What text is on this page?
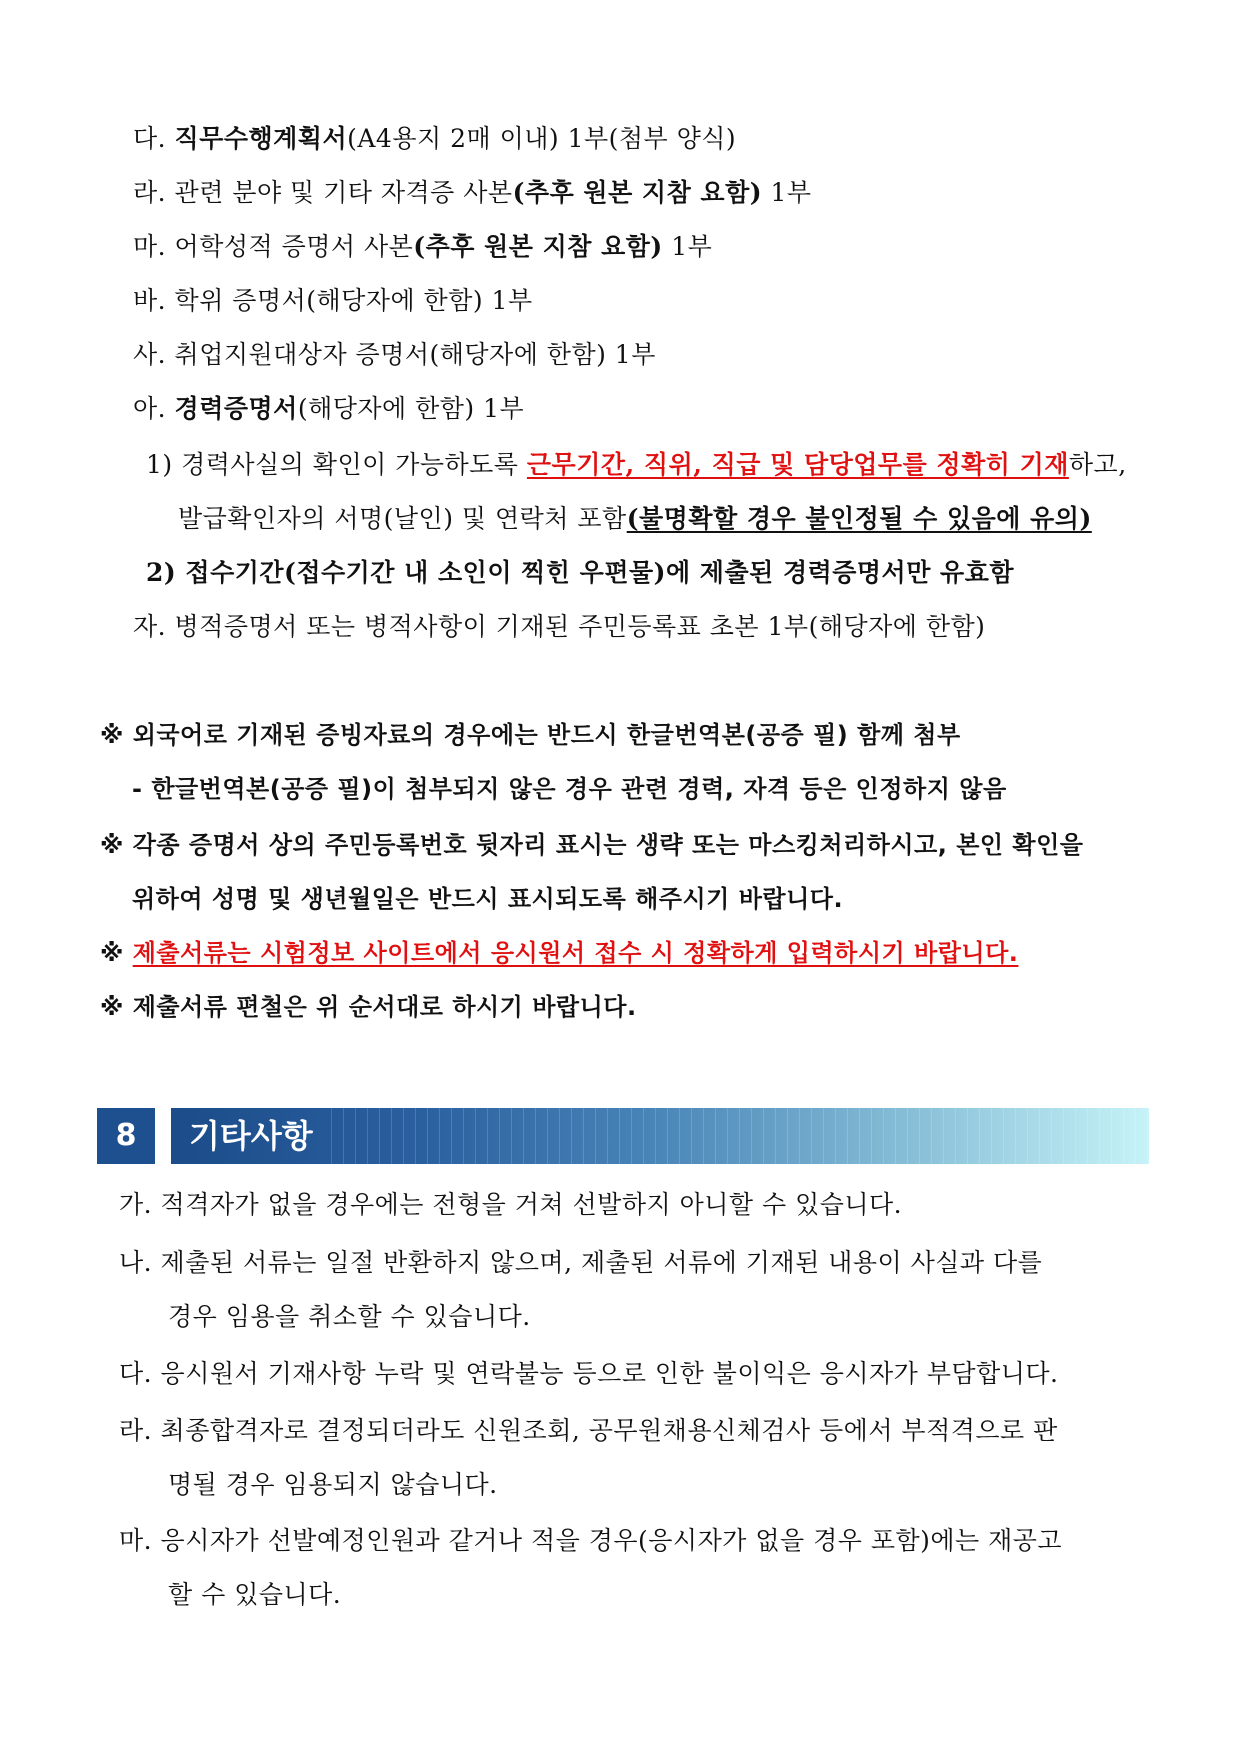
다. 직무수행계획서(A4용지 2매 이내) 1부(첨부 양식)
라. 관련 분야 및 기타 자격증 사본(추후 원본 지참 요함) 1부
마. 어학성적 증명서 사본(추후 원본 지참 요함) 1부
바. 학위 증명서(해당자에 한함) 1부
사. 취업지원대상자 증명서(해당자에 한함) 1부
아. 경력증명서(해당자에 한함) 1부
1) 경력사실의 확인이 가능하도록 근무기간, 직위, 직급 및 담당업무를 정확히 기재하고,
발급확인자의 서명(날인) 및 연락처 포함(불명확할 경우 불인정될 수 있음에 유의)
2) 접수기간(접수기간 내 소인이 찍힌 우편물)에 제출된 경력증명서만 유효함
자. 병적증명서 또는 병적사항이 기재된 주민등록표 초본 1부(해당자에 한함)
※ 외국어로 기재된 증빙자료의 경우에는 반드시 한글번역본(공증 필) 함께 첨부
- 한글번역본(공증 필)이 첨부되지 않은 경우 관련 경력, 자격 등은 인정하지 않음
※ 각종 증명서 상의 주민등록번호 뒷자리 표시는 생략 또는 마스킹처리하시고, 본인 확인을
위하여 성명 및 생년월일은 반드시 표시되도록 해주시기 바랍니다.
※ 제출서류는 시험정보 사이트에서 응시원서 접수 시 정확하게 입력하시기 바랍니다.
※ 제출서류 편철은 위 순서대로 하시기 바랍니다.
8	기타사항
가. 적격자가 없을 경우에는 전형을 거쳐 선발하지 아니할 수 있습니다.
나. 제출된 서류는 일절 반환하지 않으며, 제출된 서류에 기재된 내용이 사실과 다를
경우 임용을 취소할 수 있습니다.
다. 응시원서 기재사항 누락 및 연락불능 등으로 인한 불이익은 응시자가 부담합니다.
라. 최종합격자로 결정되더라도 신원조회, 공무원채용신체검사 등에서 부적격으로 판
명될 경우 임용되지 않습니다.
마. 응시자가 선발예정인원과 같거나 적을 경우(응시자가 없을 경우 포함)에는 재공고
할 수 있습니다.
